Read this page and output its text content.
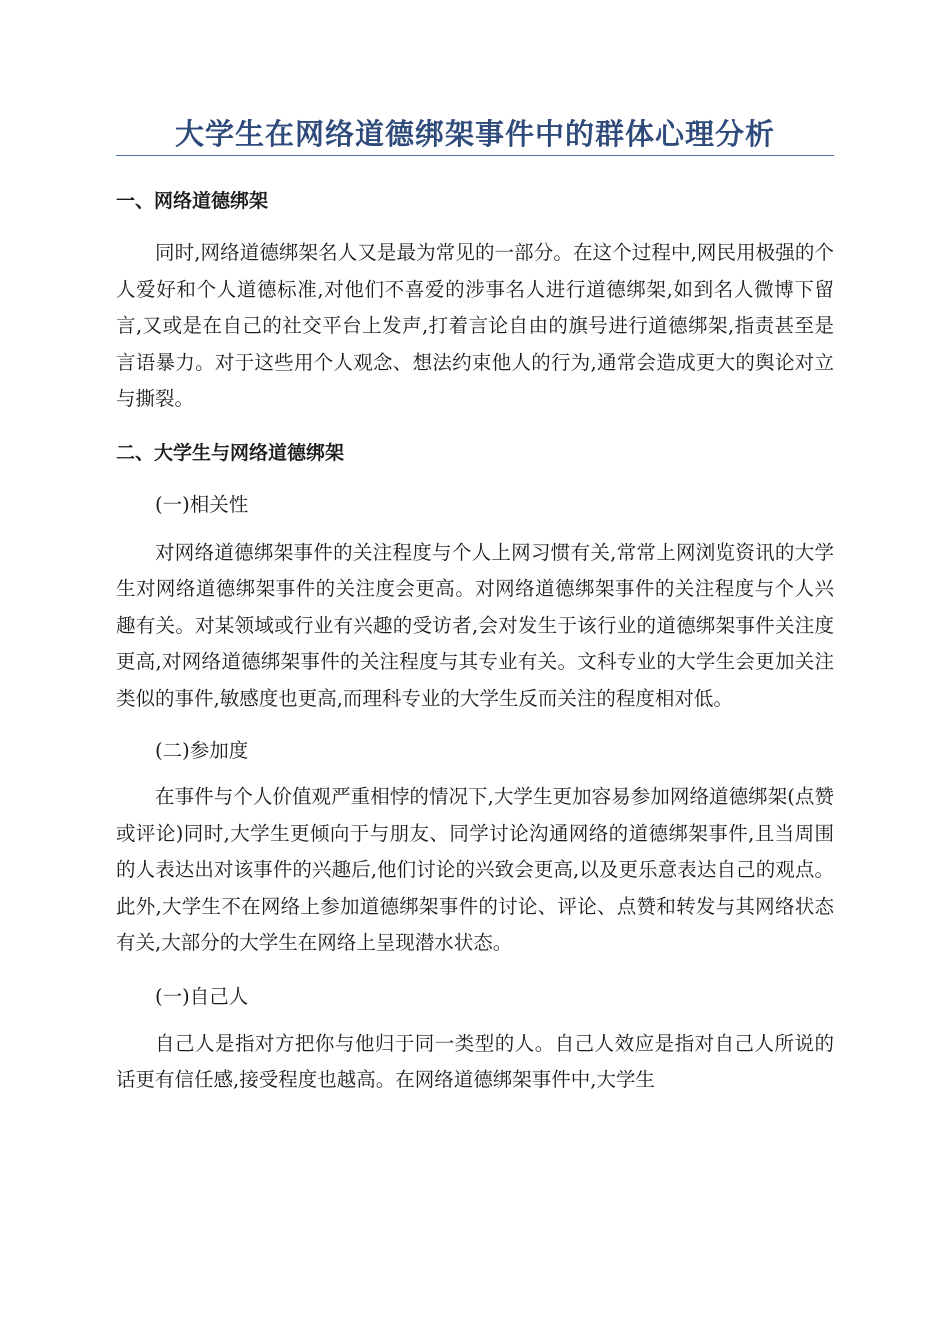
大学生在网络道德绑架事件中的群体心理分析
一、网络道德绑架

同时,网络道德绑架名人又是最为常见的一部分。在这个过程中,网民用极强的个人爱好和个人道德标准,对他们不喜爱的涉事名人进行道德绑架,如到名人微博下留言,又或是在自己的社交平台上发声,打着言论自由的旗号进行道德绑架,指责甚至是言语暴力。对于这些用个人观念、想法约束他人的行为,通常会造成更大的舆论对立与撕裂。

二、大学生与网络道德绑架

(一)相关性

对网络道德绑架事件的关注程度与个人上网习惯有关,常常上网浏览资讯的大学生对网络道德绑架事件的关注度会更高。对网络道德绑架事件的关注程度与个人兴趣有关。对某领域或行业有兴趣的受访者,会对发生于该行业的道德绑架事件关注度更高,对网络道德绑架事件的关注程度与其专业有关。文科专业的大学生会更加关注类似的事件,敏感度也更高,而理科专业的大学生反而关注的程度相对低。

(二)参加度

在事件与个人价值观严重相悖的情况下,大学生更加容易参加网络道德绑架(点赞或评论)同时,大学生更倾向于与朋友、同学讨论沟通网络的道德绑架事件,且当周围的人表达出对该事件的兴趣后,他们讨论的兴致会更高,以及更乐意表达自己的观点。此外,大学生不在网络上参加道德绑架事件的讨论、评论、点赞和转发与其网络状态有关,大部分的大学生在网络上呈现潜水状态。

(一)自己人

自己人是指对方把你与他归于同一类型的人。自己人效应是指对自己人所说的话更有信任感,接受程度也越高。在网络道德绑架事件中,大学生
